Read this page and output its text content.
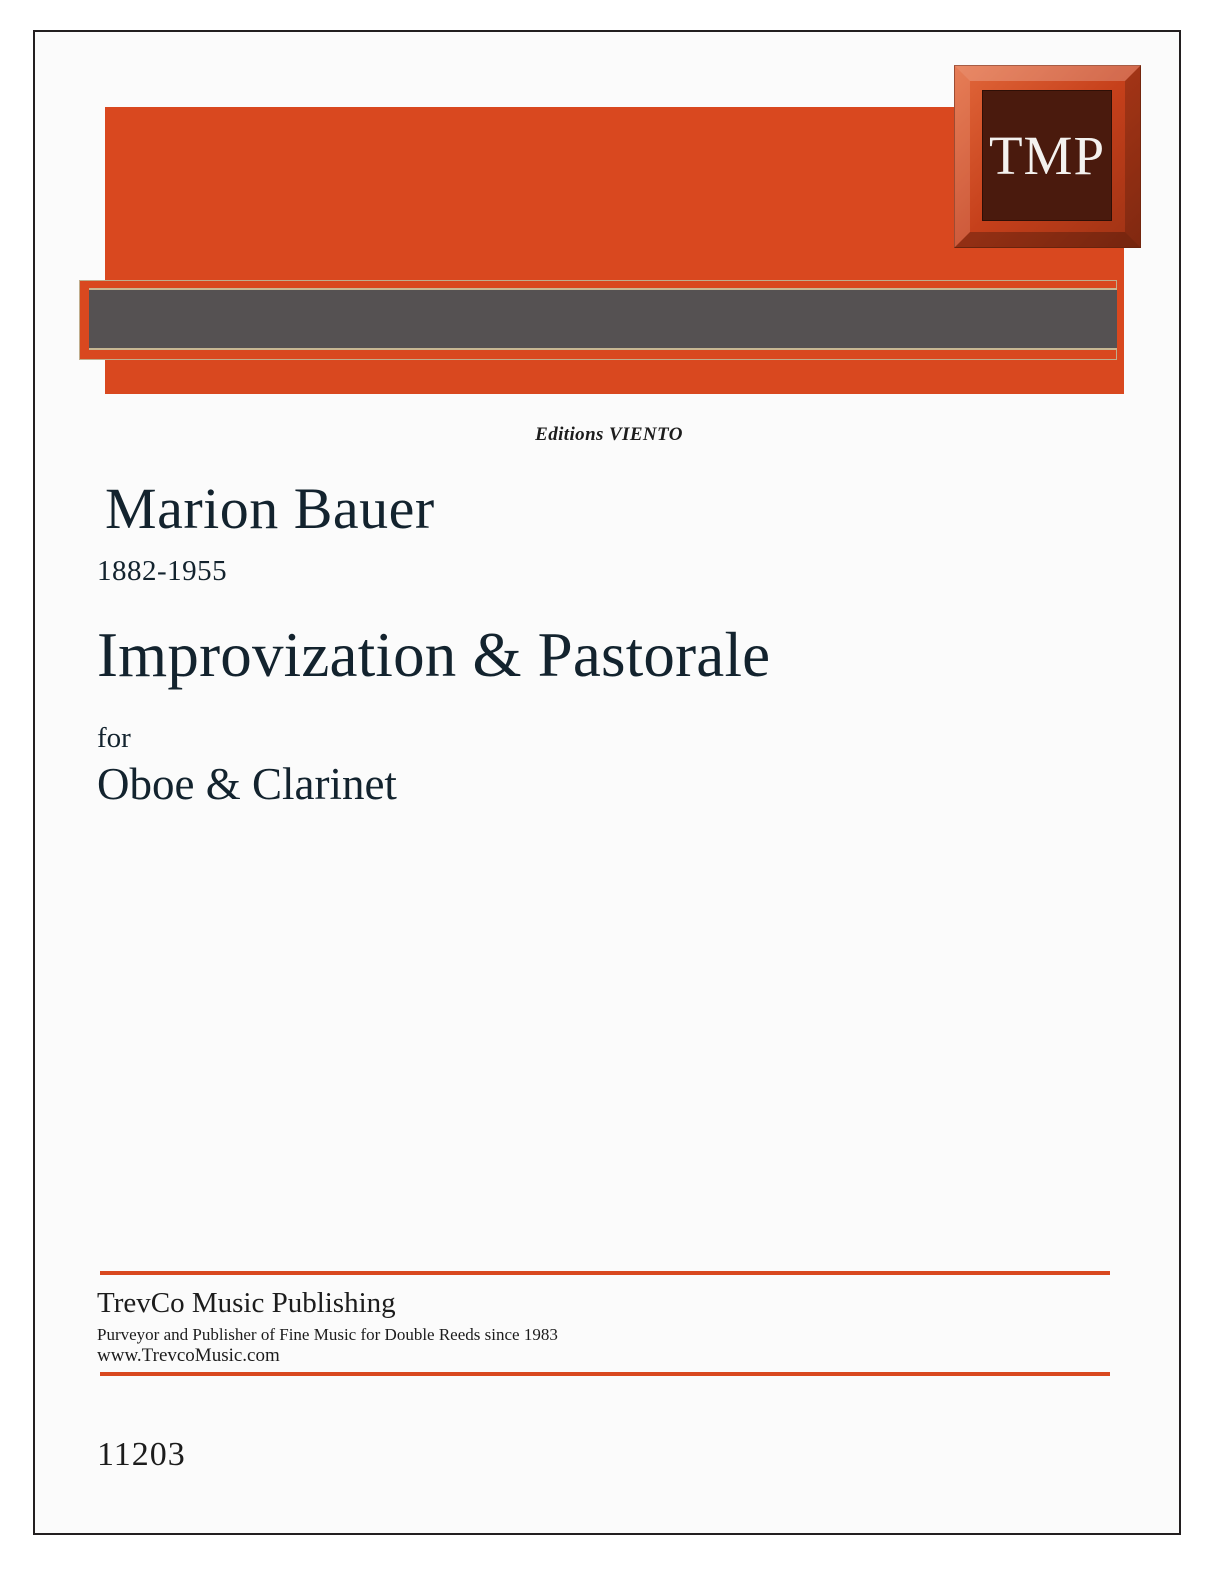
TMP
Editions VIENTO
Marion Bauer
1882-1955
Improvization & Pastorale
for
Oboe & Clarinet
TrevCo Music Publishing
Purveyor and Publisher of Fine Music for Double Reeds since 1983
www.TrevcoMusic.com
11203
